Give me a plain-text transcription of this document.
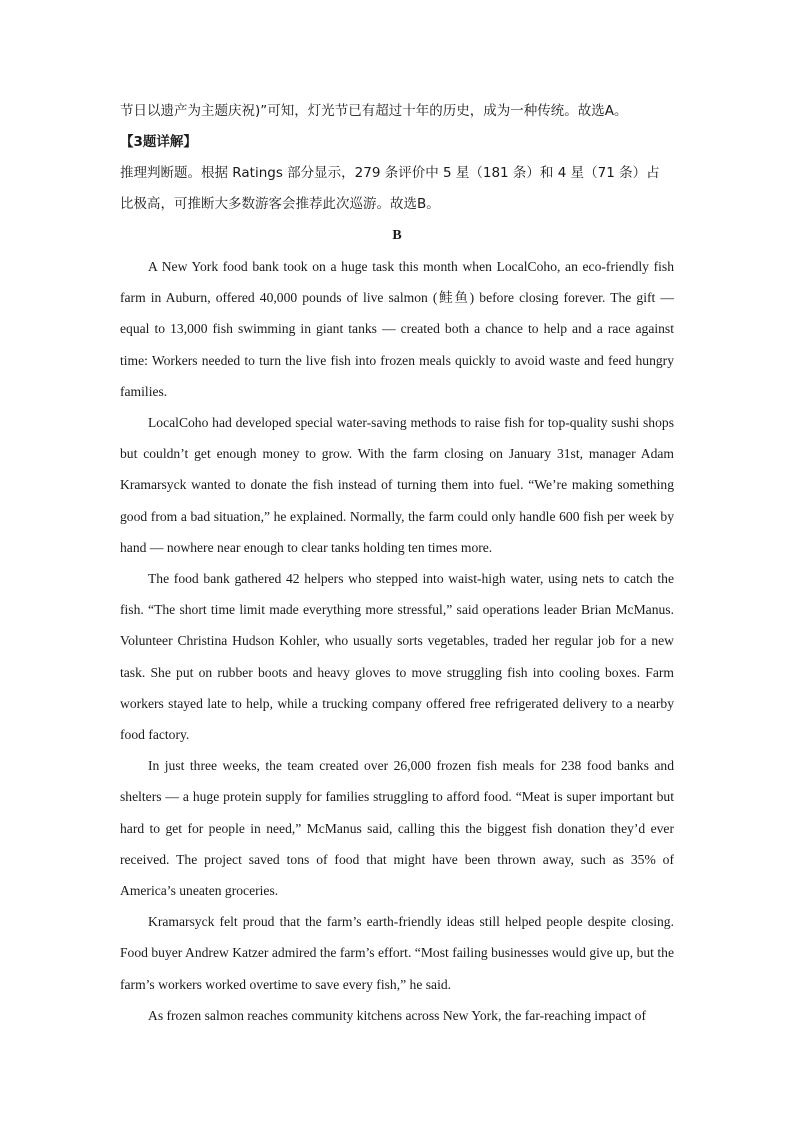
节日以遗产为主题庆祝)”可知，灯光节已有超过十年的历史，成为一种传统。故选A。

【3题详解】

推理判断题。根据 Ratings 部分显示，279 条评价中 5 星（181 条）和 4 星（71 条）占

比极高，可推断大多数游客会推荐此次巡游。故选B。

B

A New York food bank took on a huge task this month when LocalCoho, an eco-friendly fish farm in Auburn, offered 40,000 pounds of live salmon (鲑鱼) before closing forever. The gift — equal to 13,000 fish swimming in giant tanks — created both a chance to help and a race against time: Workers needed to turn the live fish into frozen meals quickly to avoid waste and feed hungry families.

LocalCoho had developed special water-saving methods to raise fish for top-quality sushi shops but couldn’t get enough money to grow. With the farm closing on January 31st, manager Adam Kramarsyck wanted to donate the fish instead of turning them into fuel. “We’re making something good from a bad situation,” he explained. Normally, the farm could only handle 600 fish per week by hand — nowhere near enough to clear tanks holding ten times more.

The food bank gathered 42 helpers who stepped into waist-high water, using nets to catch the fish. “The short time limit made everything more stressful,” said operations leader Brian McManus. Volunteer Christina Hudson Kohler, who usually sorts vegetables, traded her regular job for a new task. She put on rubber boots and heavy gloves to move struggling fish into cooling boxes. Farm workers stayed late to help, while a trucking company offered free refrigerated delivery to a nearby food factory.

In just three weeks, the team created over 26,000 frozen fish meals for 238 food banks and shelters — a huge protein supply for families struggling to afford food. “Meat is super important but hard to get for people in need,” McManus said, calling this the biggest fish donation they’d ever received. The project saved tons of food that might have been thrown away, such as 35% of America’s uneaten groceries.

Kramarsyck felt proud that the farm’s earth-friendly ideas still helped people despite closing. Food buyer Andrew Katzer admired the farm’s effort. “Most failing businesses would give up, but the farm’s workers worked overtime to save every fish,” he said.

As frozen salmon reaches community kitchens across New York, the far-reaching impact of
